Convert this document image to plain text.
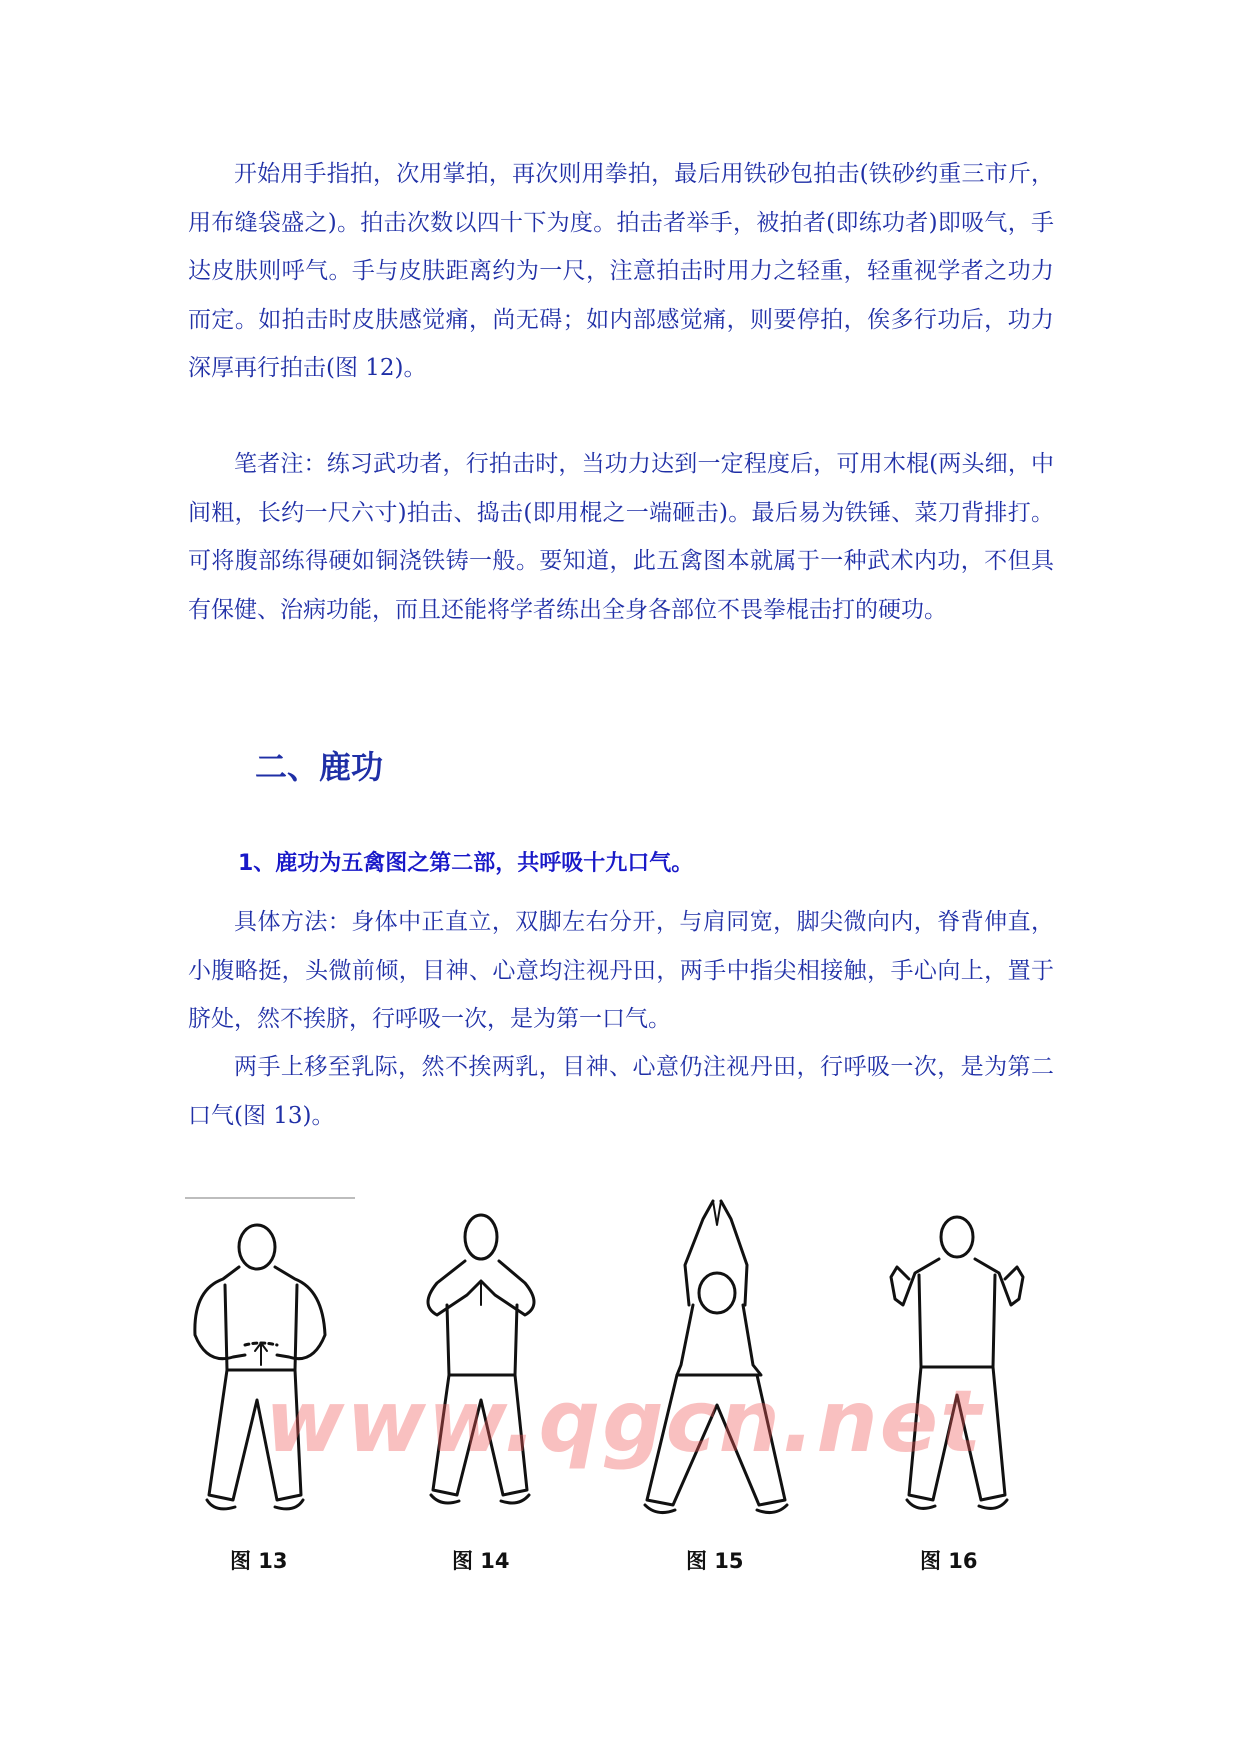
开始用手指拍，次用掌拍，再次则用拳拍，最后用铁砂包拍击(铁砂约重三市斤，用布缝袋盛之)。拍击次数以四十下为度。拍击者举手，被拍者(即练功者)即吸气，手达皮肤则呼气。手与皮肤距离约为一尺，注意拍击时用力之轻重，轻重视学者之功力而定。如拍击时皮肤感觉痛，尚无碍；如内部感觉痛，则要停拍，俟多行功后，功力深厚再行拍击(图 12)。

笔者注：练习武功者，行拍击时，当功力达到一定程度后，可用木棍(两头细，中间粗，长约一尺六寸)拍击、捣击(即用棍之一端砸击)。最后易为铁锤、菜刀背排打。可将腹部练得硬如铜浇铁铸一般。要知道，此五禽图本就属于一种武术内功，不但具有保健、治病功能，而且还能将学者练出全身各部位不畏拳棍击打的硬功。

二、鹿功
1、鹿功为五禽图之第二部，共呼吸十九口气。

具体方法：身体中正直立，双脚左右分开，与肩同宽，脚尖微向内，脊背伸直，小腹略挺，头微前倾，目神、心意均注视丹田，两手中指尖相接触，手心向上，置于脐处，然不挨脐，行呼吸一次，是为第一口气。

两手上移至乳际，然不挨两乳，目神、心意仍注视丹田，行呼吸一次，是为第二口气(图 13)。

图 13	图 14	图 15	图 16
www.qgcn.net
